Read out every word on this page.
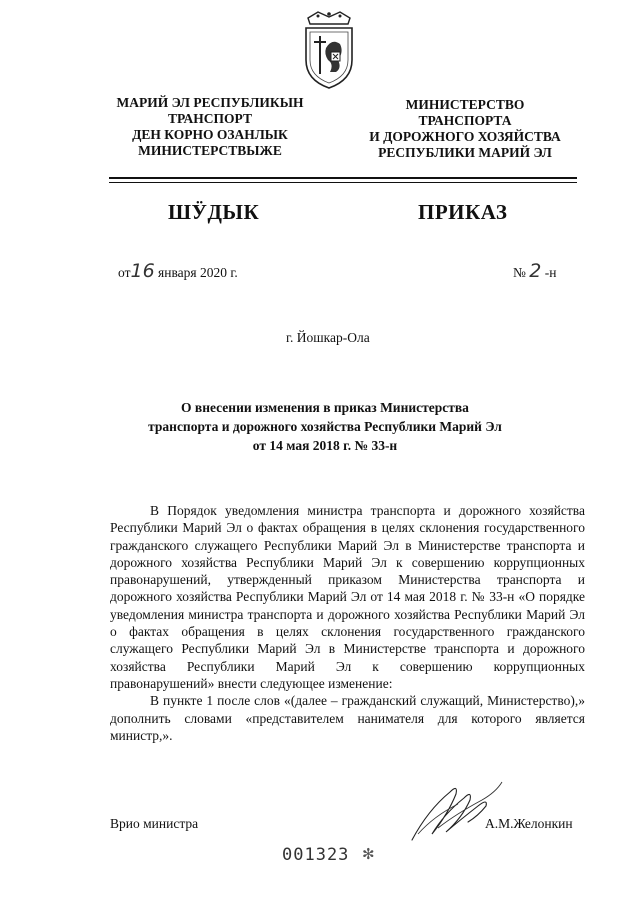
МАРИЙ ЭЛ РЕСПУБЛИКЫН
ТРАНСПОРТ
ДЕН КОРНО ОЗАНЛЫК
МИНИСТЕРСТВЫЖЕ
МИНИСТЕРСТВО
ТРАНСПОРТА
И ДОРОЖНОГО ХОЗЯЙСТВА
РЕСПУБЛИКИ МАРИЙ ЭЛ
ШӰДЫК	ПРИКАЗ
от16 января 2020 г.	№ 2 -н
г. Йошкар-Ола
О внесении изменения в приказ Министерства
транспорта и дорожного хозяйства Республики Марий Эл
от 14 мая 2018 г. № 33-н

В Порядок уведомления министра транспорта и дорожного хозяйства Республики Марий Эл о фактах обращения в целях склонения государственного гражданского служащего Республики Марий Эл в Министерстве транспорта и дорожного хозяйства Республики Марий Эл к совершению коррупционных правонарушений, утвержденный приказом Министерства транспорта и дорожного хозяйства Республики Марий Эл от 14 мая 2018 г. № 33-н «О порядке уведомления министра транспорта и дорожного хозяйства Республики Марий Эл о фактах обращения в целях склонения государственного гражданского служащего Республики Марий Эл в Министерстве транспорта и дорожного хозяйства Республики Марий Эл к совершению коррупционных правонарушений» внести следующее изменение:

В пункте 1 после слов «(далее – гражданский служащий, Министерство),» дополнить словами «представителем нанимателя для которого является министр,».

Врио министра	А.М.Желонкин
001323 ✻
